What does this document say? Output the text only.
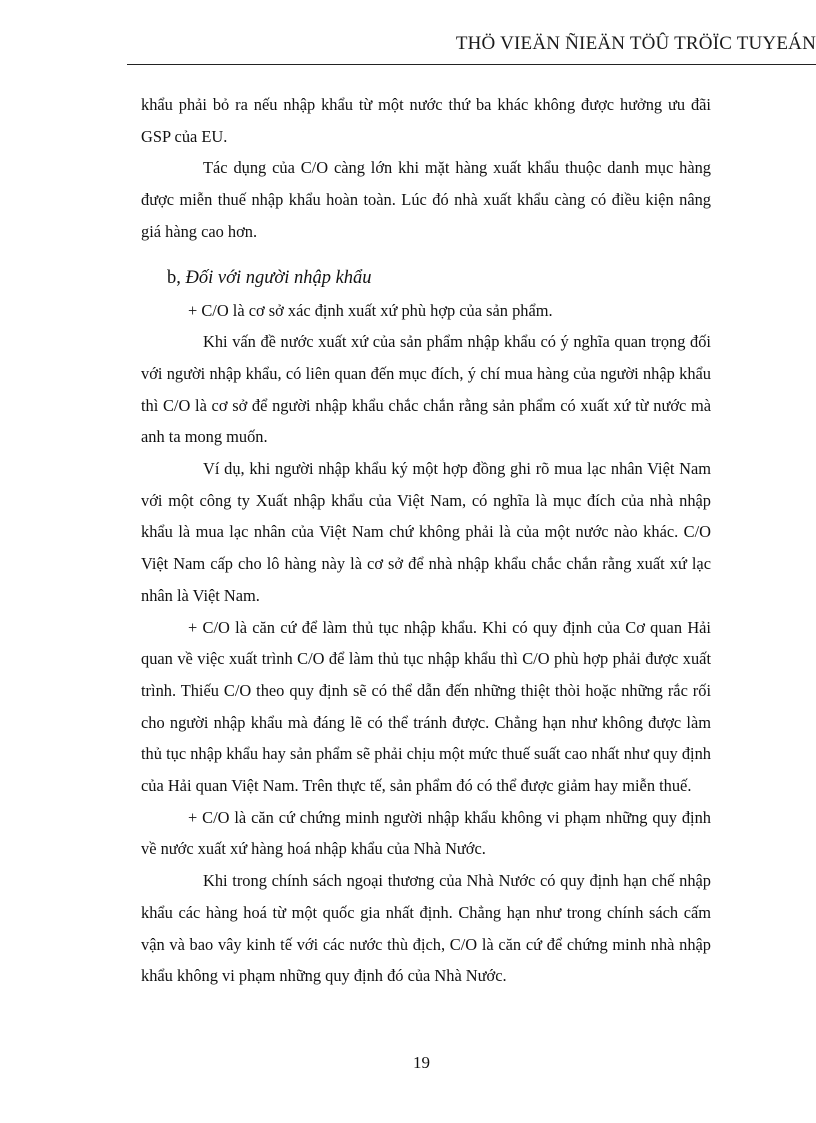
THÖ VIEÄN ÑIEÄN TÖÛ TRÖÏC TUYEÁN

khẩu phải bỏ ra nếu nhập khẩu từ một nước thứ ba khác không được hưởng ưu đãi GSP của EU.

Tác dụng của C/O càng lớn khi mặt hàng xuất khẩu thuộc danh mục hàng được miễn thuế nhập khẩu hoàn toàn. Lúc đó nhà xuất khẩu càng có điều kiện nâng giá hàng cao hơn.

b, Đối với người nhập khẩu

+ C/O là cơ sở xác định xuất xứ phù hợp của sản phẩm.

Khi vấn đề nước xuất xứ của sản phẩm nhập khẩu có ý nghĩa quan trọng đối với người nhập khẩu, có liên quan đến mục đích, ý chí mua hàng của người nhập khẩu thì C/O là cơ sở để người nhập khẩu chắc chắn rằng sản phẩm có xuất xứ từ nước mà anh ta mong muốn.

Ví dụ, khi người nhập khẩu ký một hợp đồng ghi rõ mua lạc nhân Việt Nam với một công ty Xuất nhập khẩu của Việt Nam, có nghĩa là mục đích của nhà nhập khẩu là mua lạc nhân của Việt Nam chứ không phải là của một nước nào khác. C/O Việt Nam cấp cho lô hàng này là cơ sở để nhà nhập khẩu chắc chắn rằng xuất xứ lạc nhân là Việt Nam.

+ C/O là căn cứ để làm thủ tục nhập khẩu. Khi có quy định của Cơ quan Hải quan về việc xuất trình C/O để làm thủ tục nhập khẩu thì C/O phù hợp phải được xuất trình. Thiếu C/O theo quy định sẽ có thể dẫn đến những thiệt thòi hoặc những rắc rối cho người nhập khẩu mà đáng lẽ có thể tránh được. Chẳng hạn như không được làm thủ tục nhập khẩu hay sản phẩm sẽ phải chịu một mức thuế suất cao nhất như quy định của Hải quan Việt Nam. Trên thực tế, sản phẩm đó có thể được giảm hay miễn thuế.

+ C/O là căn cứ chứng minh người nhập khẩu không vi phạm những quy định về nước xuất xứ hàng hoá nhập khẩu của Nhà Nước.

Khi trong chính sách ngoại thương của Nhà Nước có quy định hạn chế nhập khẩu các hàng hoá từ một quốc gia nhất định. Chẳng hạn như trong chính sách cấm vận và bao vây kinh tế với các nước thù địch, C/O là căn cứ để chứng minh nhà nhập khẩu không vi phạm những quy định đó của Nhà Nước.

19
